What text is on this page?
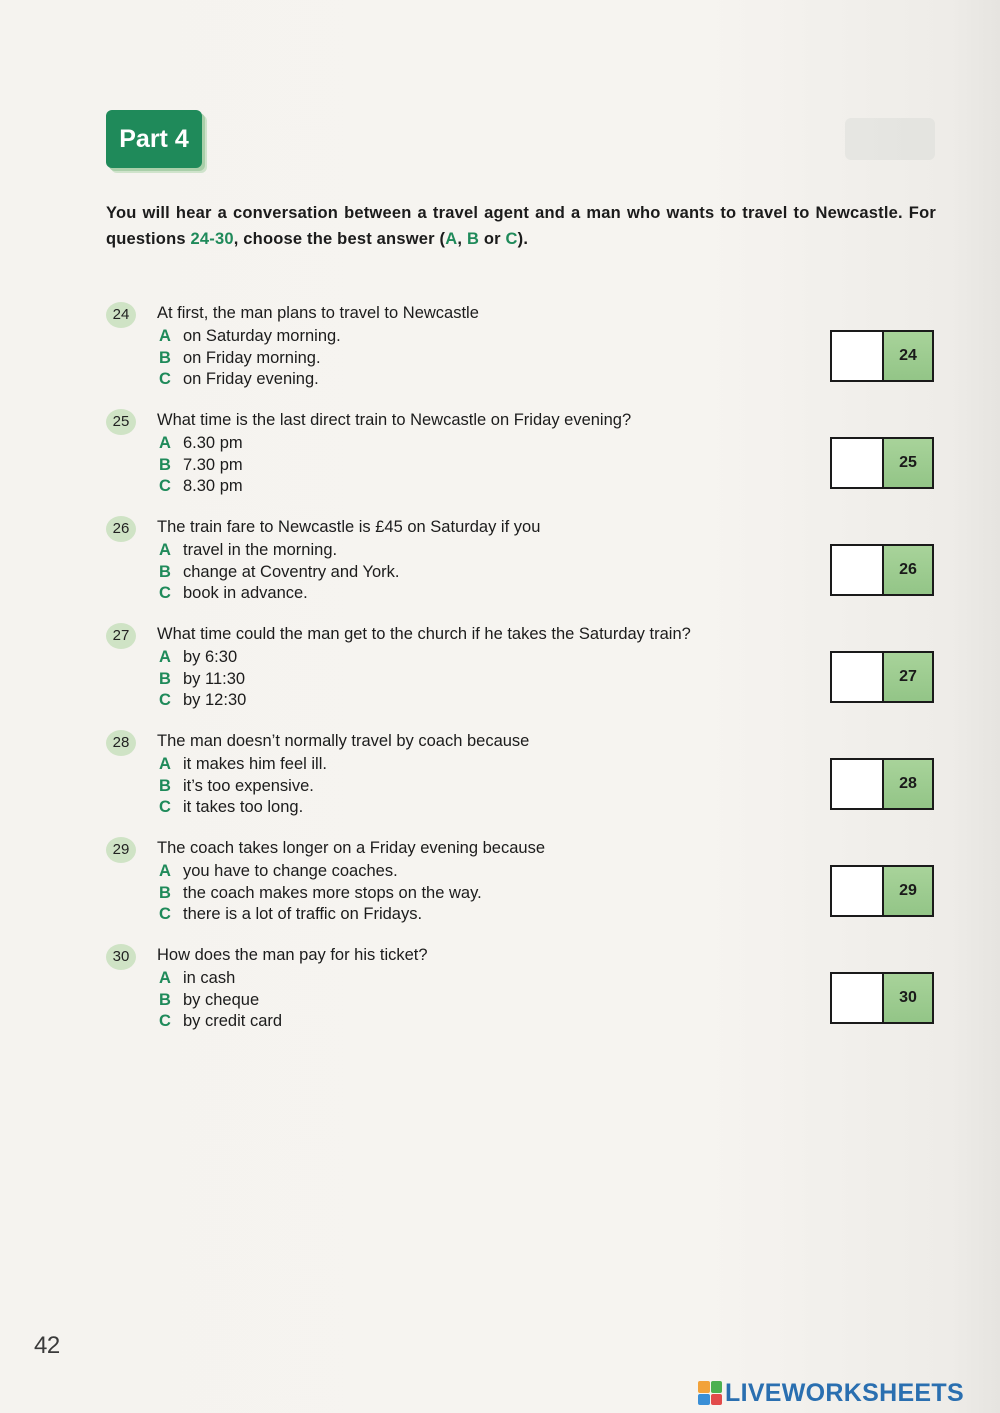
Part 4
You will hear a conversation between a travel agent and a man who wants to travel to Newcastle. For questions 24-30, choose the best answer (A, B or C).
24	At first, the man plans to travel to Newcastle
A on Saturday morning.
B on Friday morning.
C on Friday evening.
24
25	What time is the last direct train to Newcastle on Friday evening?
A 6.30 pm
B 7.30 pm
C 8.30 pm
25
26	The train fare to Newcastle is £45 on Saturday if you
A travel in the morning.
B change at Coventry and York.
C book in advance.
26
27	What time could the man get to the church if he takes the Saturday train?
A by 6:30
B by 11:30
C by 12:30
27
28	The man doesn’t normally travel by coach because
A it makes him feel ill.
B it’s too expensive.
C it takes too long.
28
29	The coach takes longer on a Friday evening because
A you have to change coaches.
B the coach makes more stops on the way.
C there is a lot of traffic on Fridays.
29
30	How does the man pay for his ticket?
A in cash
B by cheque
C by credit card
30
42
LIVEWORKSHEETS
